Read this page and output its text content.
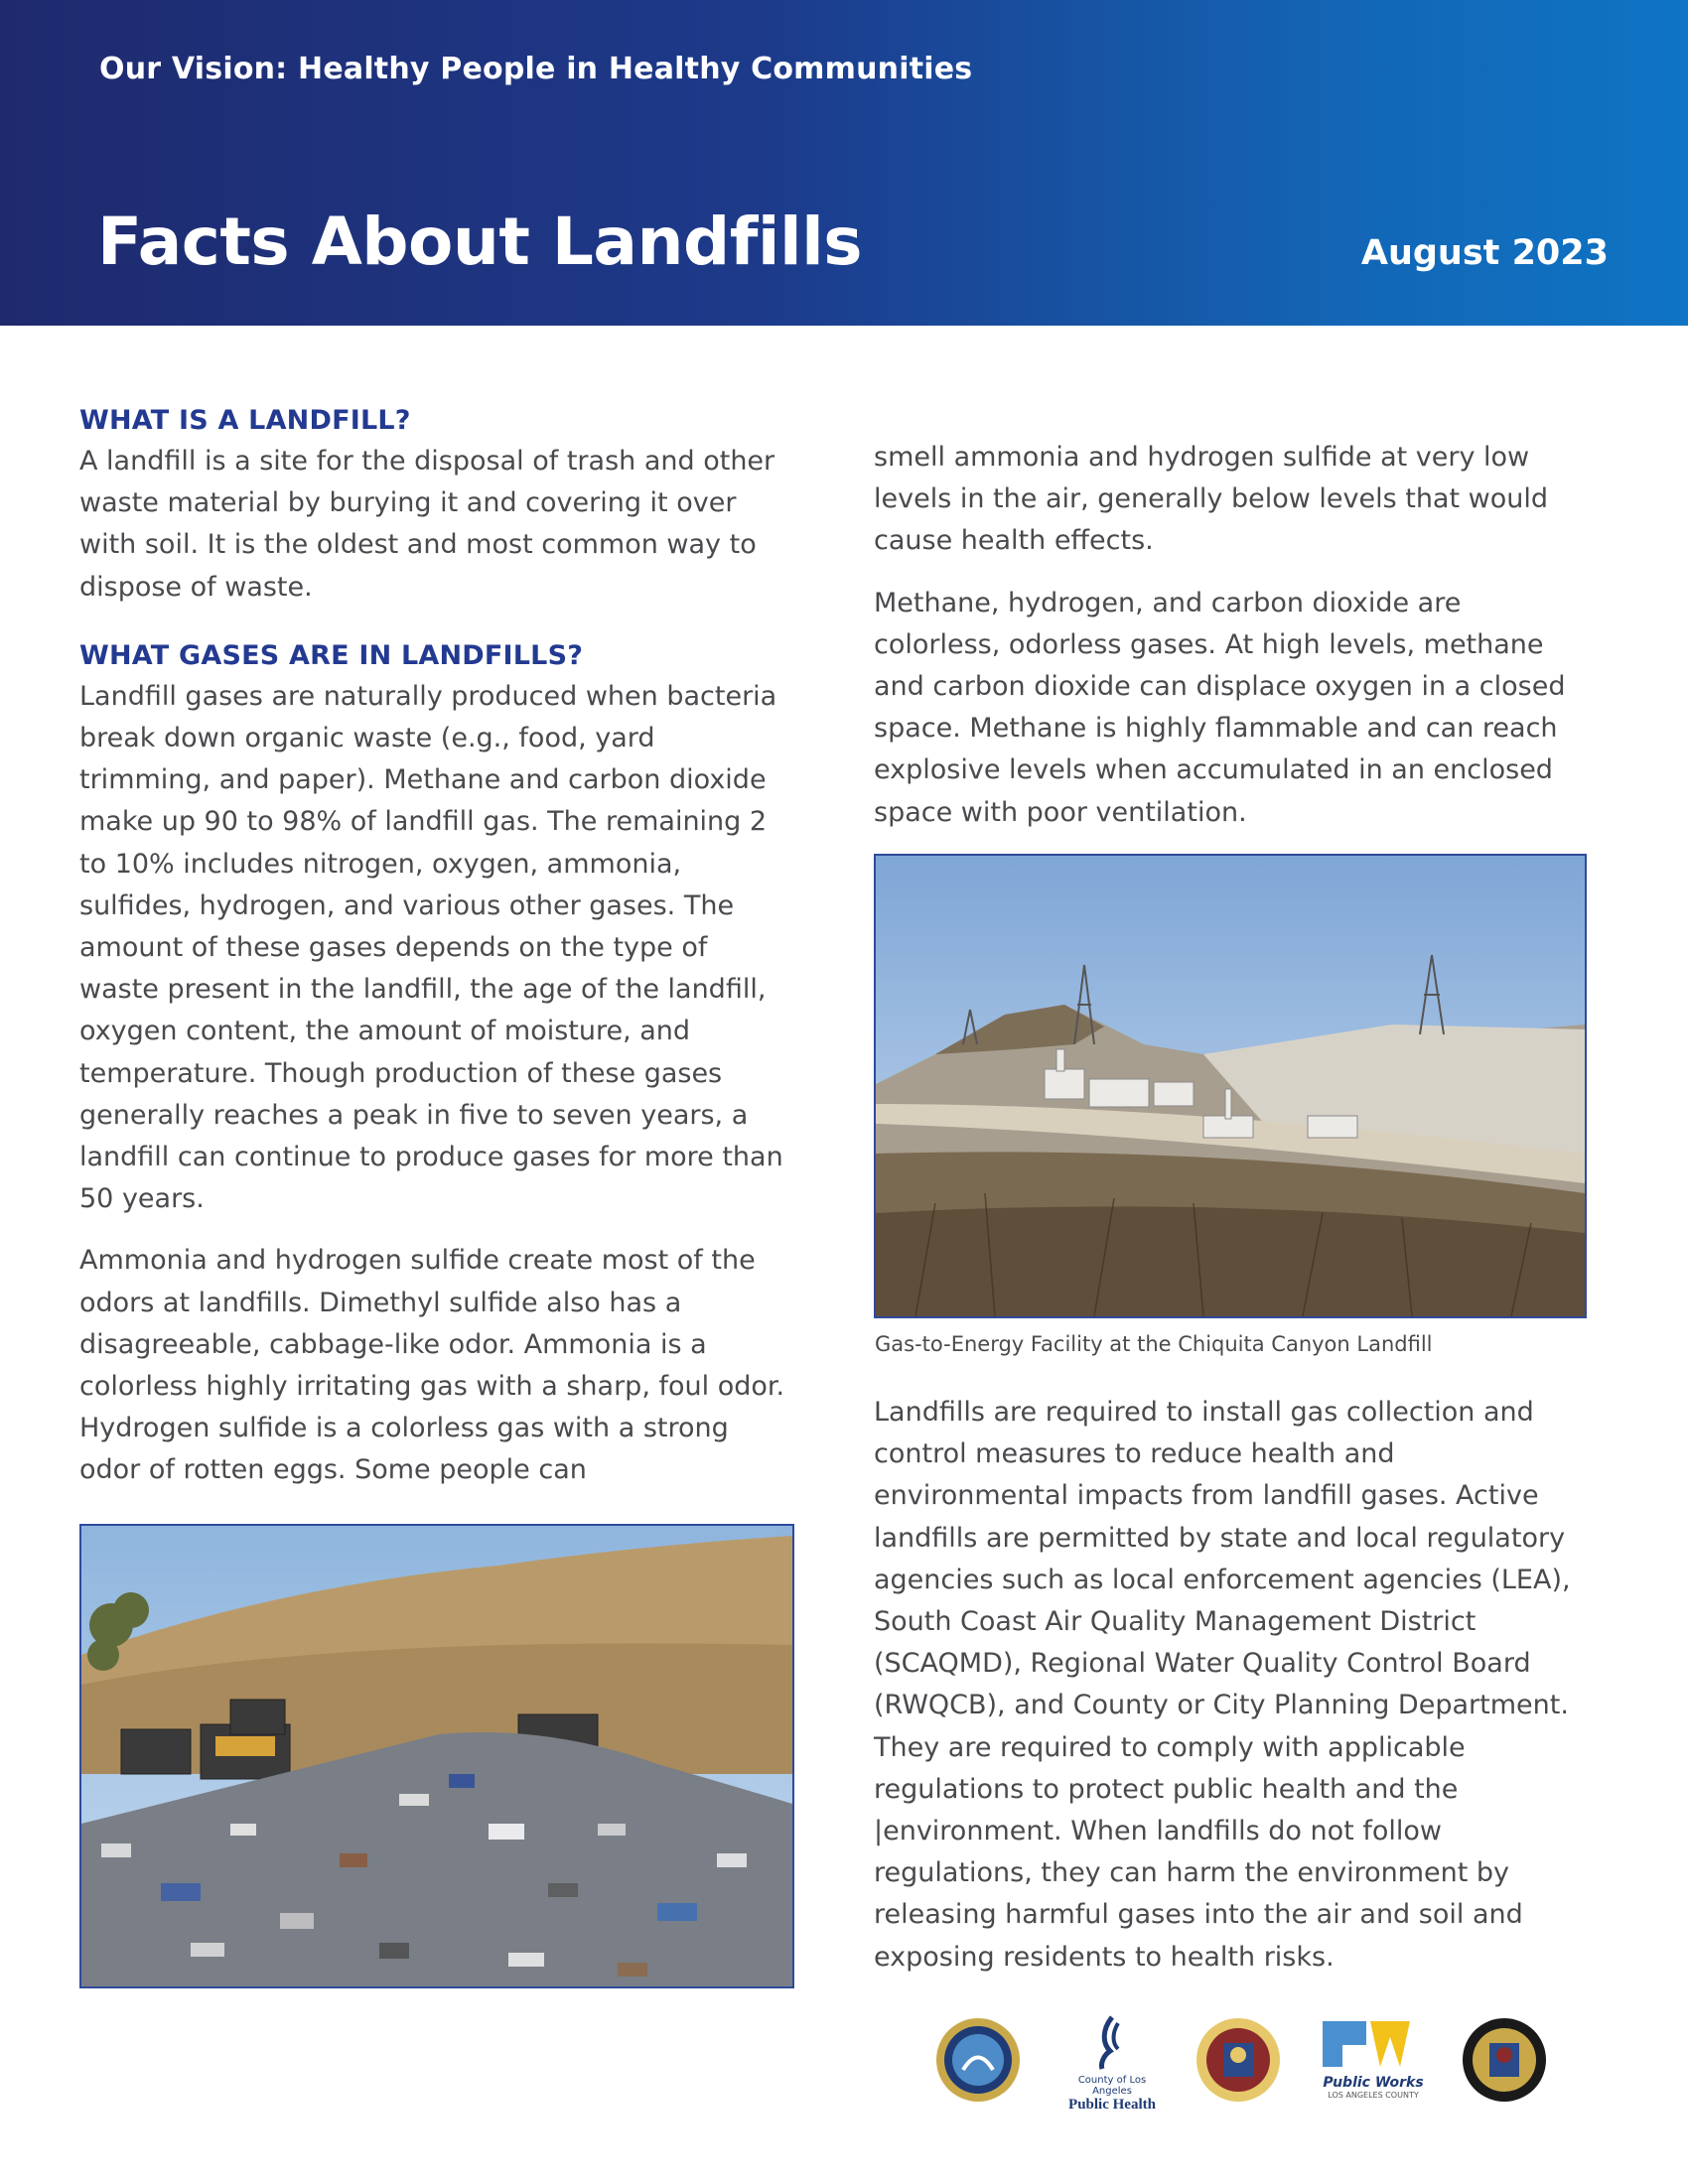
Our Vision: Healthy People in Healthy Communities
Facts About Landfills	August 2023
WHAT IS A LANDFILL?

A landfill is a site for the disposal of trash and other waste material by burying it and covering it over with soil. It is the oldest and most common way to dispose of waste.

WHAT GASES ARE IN LANDFILLS?

Landfill gases are naturally produced when bacteria break down organic waste (e.g., food, yard trimming, and paper). Methane and carbon dioxide make up 90 to 98% of landfill gas. The remaining 2 to 10% includes nitrogen, oxygen, ammonia, sulfides, hydrogen, and various other gases. The amount of these gases depends on the type of waste present in the landfill, the age of the landfill, oxygen content, the amount of moisture, and temperature. Though production of these gases generally reaches a peak in five to seven years, a landfill can continue to produce gases for more than 50 years.

Ammonia and hydrogen sulfide create most of the odors at landfills. Dimethyl sulfide also has a disagreeable, cabbage-like odor. Ammonia is a colorless highly irritating gas with a sharp, foul odor. Hydrogen sulfide is a colorless gas with a strong odor of rotten eggs. Some people can

smell ammonia and hydrogen sulfide at very low levels in the air, generally below levels that would cause health effects.

Methane, hydrogen, and carbon dioxide are colorless, odorless gases. At high levels, methane and carbon dioxide can displace oxygen in a closed space. Methane is highly flammable and can reach explosive levels when accumulated in an enclosed space with poor ventilation.

Gas-to-Energy Facility at the Chiquita Canyon Landfill

Landfills are required to install gas collection and control measures to reduce health and environmental impacts from landfill gases. Active landfills are permitted by state and local regulatory agencies such as local enforcement agencies (LEA), South Coast Air Quality Management District (SCAQMD), Regional Water Quality Control Board (RWQCB), and County or City Planning Department. They are required to comply with applicable regulations to protect public health and the |environment. When landfills do not follow regulations, they can harm the environment by releasing harmful gases into the air and soil and exposing residents to health risks.

County of Los Angeles
Public Health
Public Works
LOS ANGELES COUNTY
